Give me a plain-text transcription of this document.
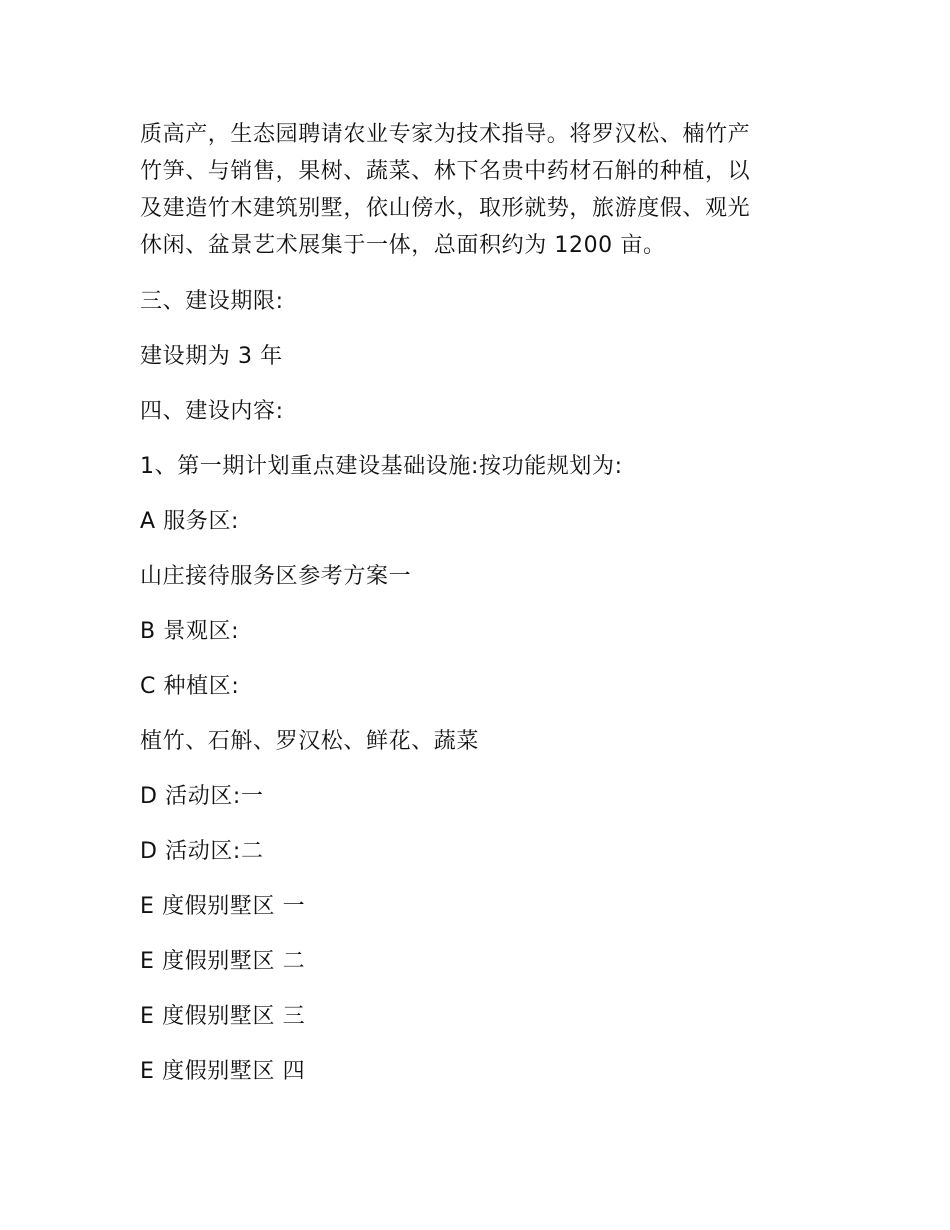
质高产，生态园聘请农业专家为技术指导。将罗汉松、楠竹产
竹笋、与销售，果树、蔬菜、林下名贵中药材石斛的种植，以
及建造竹木建筑别墅，依山傍水，取形就势，旅游度假、观光
休闲、盆景艺术展集于一体，总面积约为 1200 亩。

三、建设期限:

建设期为 3 年

四、建设内容:

1、第一期计划重点建设基础设施:按功能规划为:

A 服务区:

山庄接待服务区参考方案一

B 景观区:

C 种植区:

植竹、石斛、罗汉松、鲜花、蔬菜

D 活动区:一

D 活动区:二

E 度假别墅区 一

E 度假别墅区 二

E 度假别墅区 三

E 度假别墅区 四
